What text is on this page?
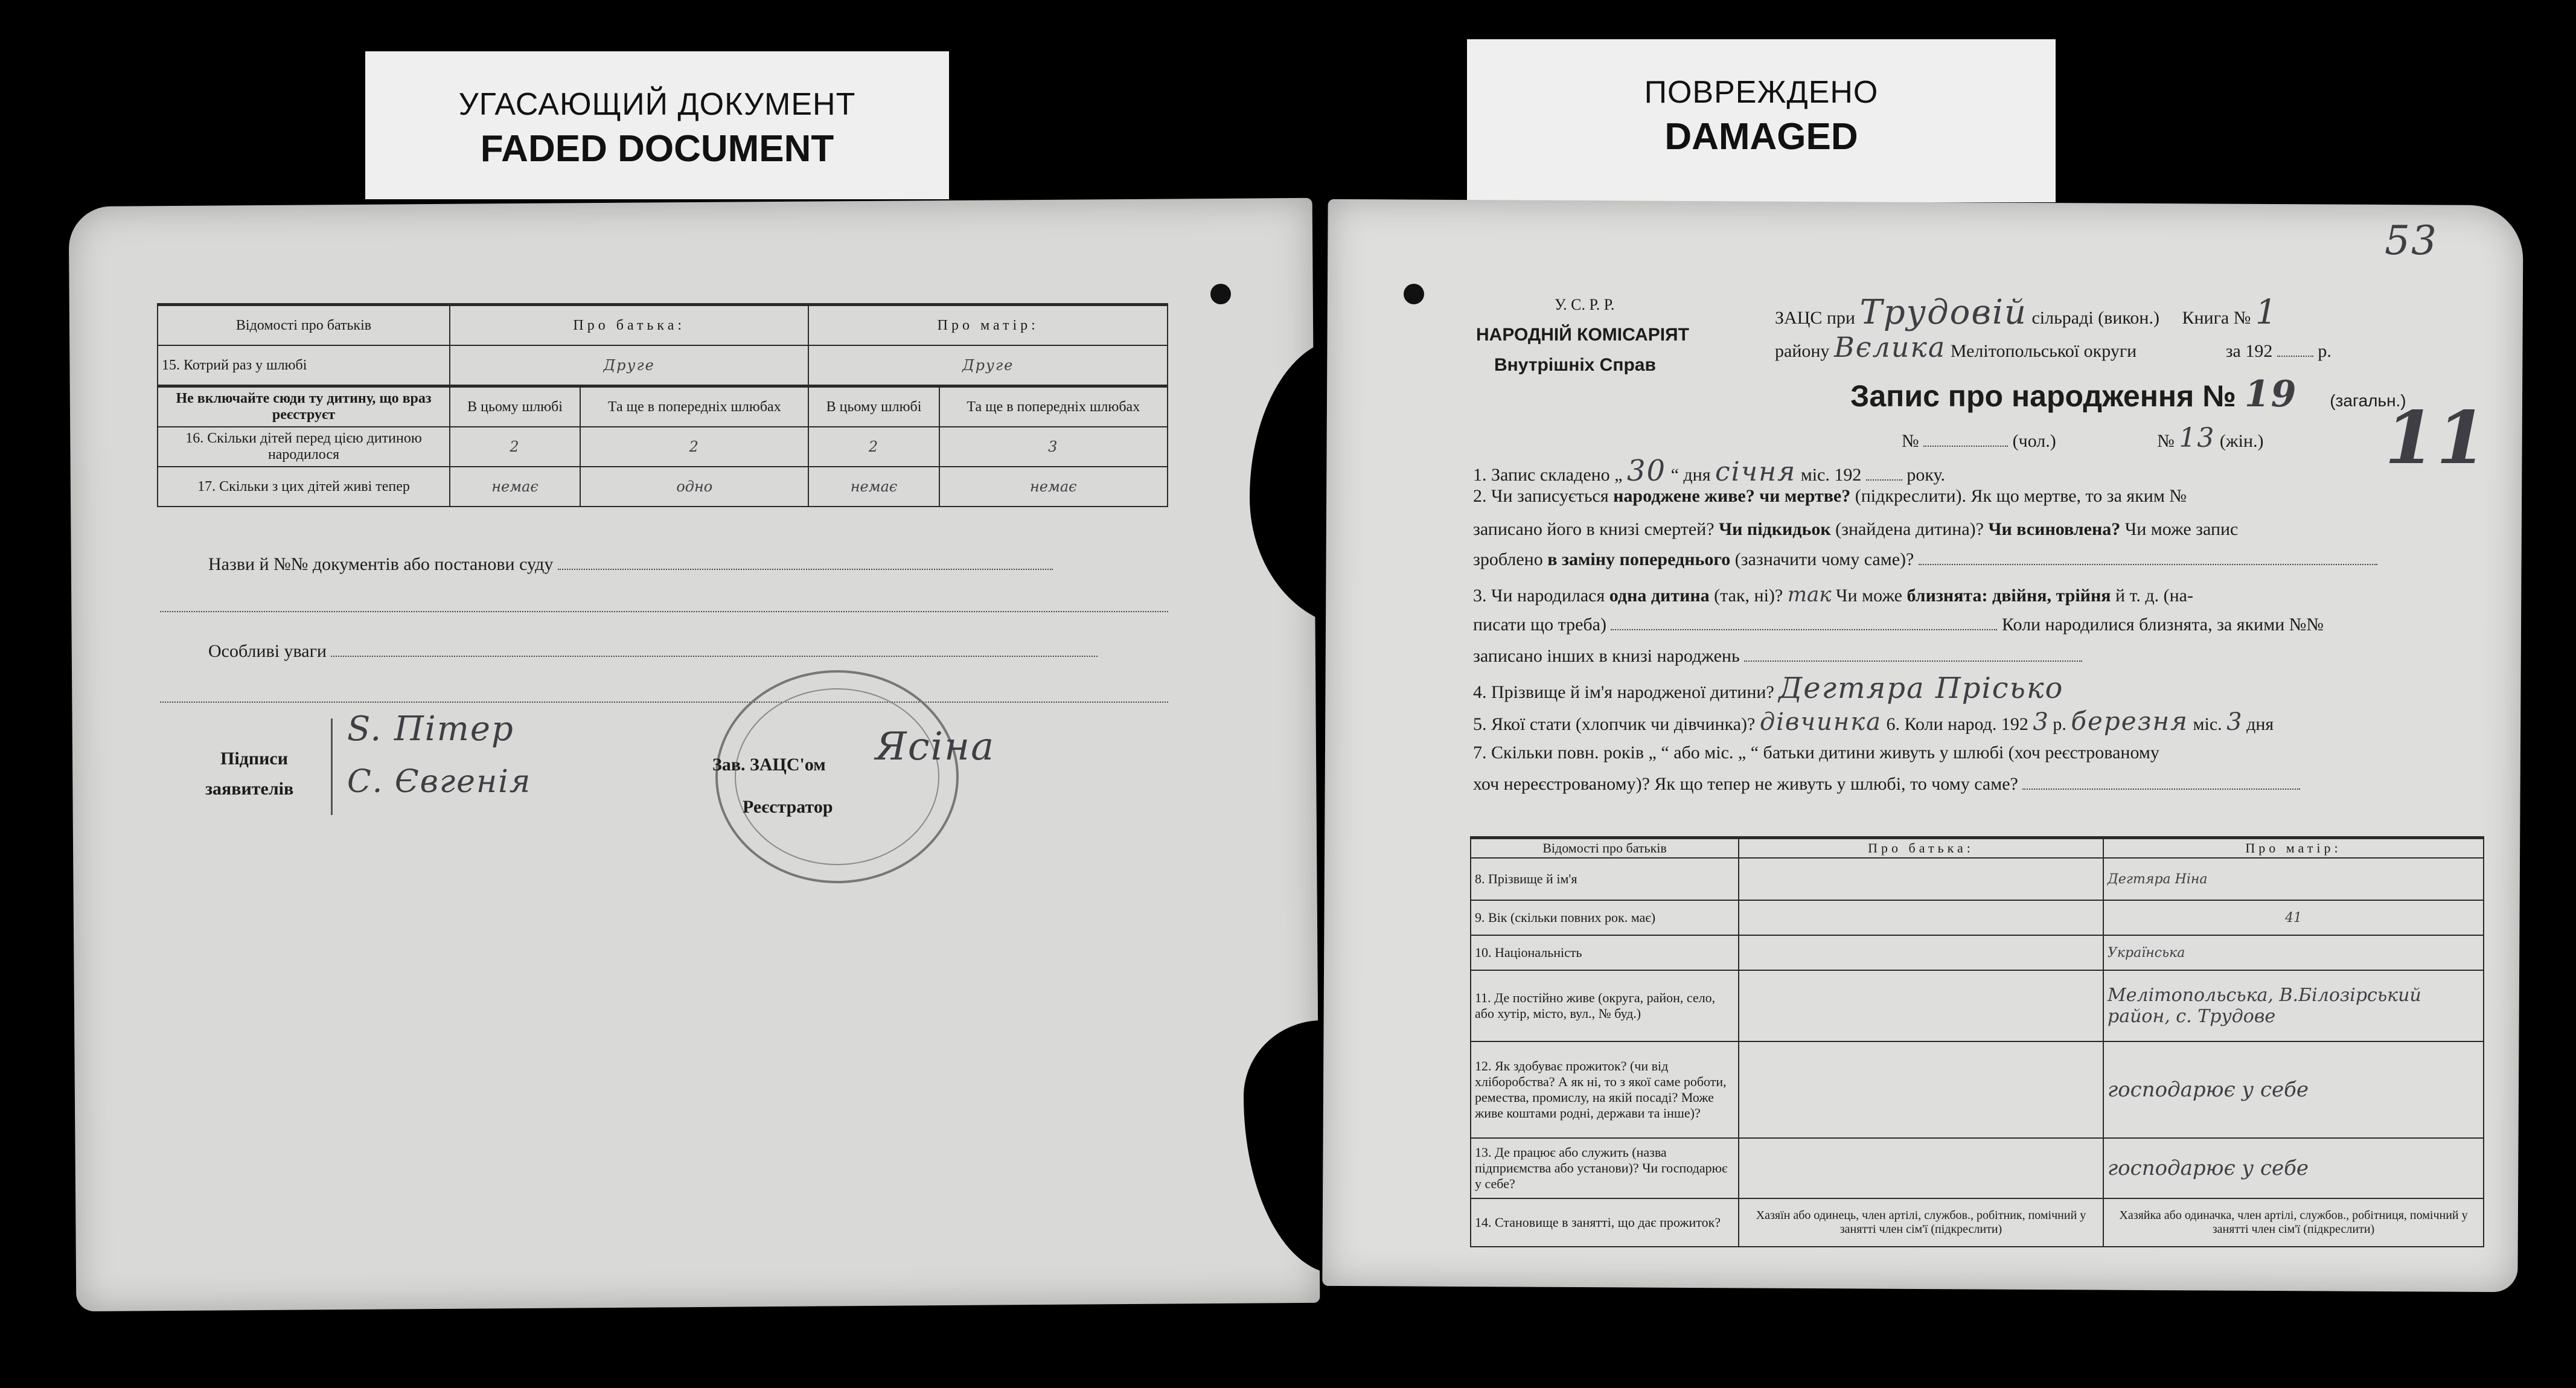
УГАСАЮЩИЙ ДОКУМЕНТ
FADED DOCUMENT
ПОВРЕЖДЕНО
DAMAGED
Відомості про батьків	Про батька:		Про матір:	
15. Котрий раз у шлюбі	Друге		Друге	
Не включайте сюди ту дитину, що враз реєструєт	В цьому шлюбі	Та ще в попередніх шлюбах	В цьому шлюбі	Та ще в попередніх шлюбах
16. Скільки дітей перед цією дитиною народилося	2	2	2	3
17. Скільки з цих дітей живі тепер	немає	одно	немає	немає
Назви й №№ документів або постанови суду
Особливі уваги
Підписи
заявителів
S. Пітер
С. Євгенія	Зав. ЗАЦС'ом
Реєстратор
Ясіна
53
У. С. Р. Р.
НАРОДНІЙ КОМІСАРІЯТ
Внутрішніх Справ
ЗАЦС при Трудовій сільраді (викон.) Книга № 1
району Вєлика Мелітопольської округи	за 192	р.
Запис про народження № 19 (загальн.)
№	(чол.)	№ 13 (жін.) 11
1. Запис складено „ 30 “ дня січня міс. 192	року.
2. Чи записується народжене живе? чи мертве? (підкреслити). Як що мертве, то за яким №
записано його в книзі смертей? Чи підкидьок (знайдена дитина)? Чи всиновлена? Чи може запис
зроблено в заміну попереднього (зазначити чому саме)?
3. Чи народилася одна дитина (так, ні)? так Чи може близнята: двійня, трійня й т. д. (на-
писати що треба)	Коли народилися близнята, за якими №№
записано інших в книзі народжень
4. Прізвище й ім'я народженої дитини? Дегтяра Прісько
5. Якої стати (хлопчик чи дівчинка)? дівчинка 6. Коли народ. 192 3 р. березня міс. 3 дня
7. Скільки повн. років „ “ або міс. „ “ батьки дитини живуть у шлюбі (хоч реєстрованому
хоч нереєстрованому)? Як що тепер не живуть у шлюбі, то чому саме?
Відомості про батьків	Про батька:	Про матір:
8. Прізвище й ім'я		Дегтяра Ніна
9. Вік (скільки повних рок. має)		41
10. Національність		Українська
11. Де постійно живе (округа, район, село, або хутір, місто, вул., № буд.)		Мелітопольська, В.Білозірський район, с. Трудове
12. Як здобуває прожиток? (чи від хліборобства? А як ні, то з якої саме роботи, ремества, промислу, на якій посаді? Може живе коштами родні, держави та інше)?		господарює у себе
13. Де працює або служить (назва підприємства або установи)? Чи господарює у себе?		господарює у себе
14. Становище в занятті, що дає прожиток?	Хазяїн або одинець, член артілі, службов., робітник, помічний у занятті член сім'ї (підкреслити)	Хазяйка або одиначка, член артілі, службов., робітниця, помічний у занятті член сім'ї (підкреслити)
